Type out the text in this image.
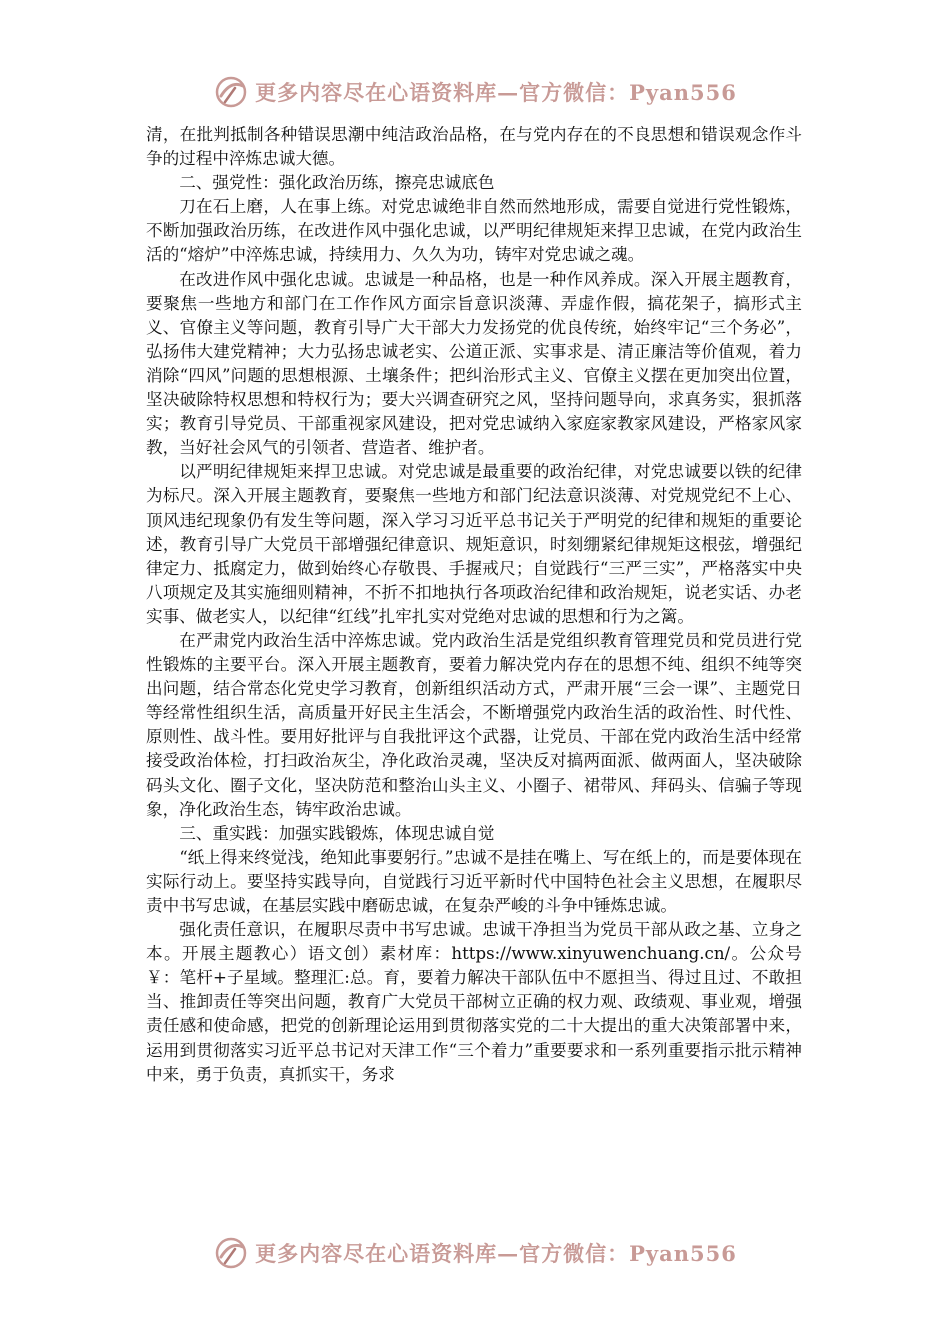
更多内容尽在心语资料库—官方微信：Pyan556

清，在批判抵制各种错误思潮中纯洁政治品格，在与党内存在的不良思想和错误观念作斗争的过程中淬炼忠诚大德。

二、强党性：强化政治历练，擦亮忠诚底色

刀在石上磨，人在事上练。对党忠诚绝非自然而然地形成，需要自觉进行党性锻炼，不断加强政治历练，在改进作风中强化忠诚，以严明纪律规矩来捍卫忠诚，在党内政治生活的“熔炉”中淬炼忠诚，持续用力、久久为功，铸牢对党忠诚之魂。

在改进作风中强化忠诚。忠诚是一种品格，也是一种作风养成。深入开展主题教育，要聚焦一些地方和部门在工作作风方面宗旨意识淡薄、弄虚作假，搞花架子，搞形式主义、官僚主义等问题，教育引导广大干部大力发扬党的优良传统，始终牢记“三个务必”，弘扬伟大建党精神；大力弘扬忠诚老实、公道正派、实事求是、清正廉洁等价值观，着力消除“四风”问题的思想根源、土壤条件；把纠治形式主义、官僚主义摆在更加突出位置，坚决破除特权思想和特权行为；要大兴调查研究之风，坚持问题导向，求真务实，狠抓落实；教育引导党员、干部重视家风建设，把对党忠诚纳入家庭家教家风建设，严格家风家教，当好社会风气的引领者、营造者、维护者。

以严明纪律规矩来捍卫忠诚。对党忠诚是最重要的政治纪律，对党忠诚要以铁的纪律为标尺。深入开展主题教育，要聚焦一些地方和部门纪法意识淡薄、对党规党纪不上心、顶风违纪现象仍有发生等问题，深入学习习近平总书记关于严明党的纪律和规矩的重要论述，教育引导广大党员干部增强纪律意识、规矩意识，时刻绷紧纪律规矩这根弦，增强纪律定力、抵腐定力，做到始终心存敬畏、手握戒尺；自觉践行“三严三实”，严格落实中央八项规定及其实施细则精神，不折不扣地执行各项政治纪律和政治规矩，说老实话、办老实事、做老实人，以纪律“红线”扎牢扎实对党绝对忠诚的思想和行为之篱。

在严肃党内政治生活中淬炼忠诚。党内政治生活是党组织教育管理党员和党员进行党性锻炼的主要平台。深入开展主题教育，要着力解决党内存在的思想不纯、组织不纯等突出问题，结合常态化党史学习教育，创新组织活动方式，严肃开展“三会一课”、主题党日等经常性组织生活，高质量开好民主生活会，不断增强党内政治生活的政治性、时代性、原则性、战斗性。要用好批评与自我批评这个武器，让党员、干部在党内政治生活中经常接受政治体检，打扫政治灰尘，净化政治灵魂，坚决反对搞两面派、做两面人，坚决破除码头文化、圈子文化，坚决防范和整治山头主义、小圈子、裙带风、拜码头、信骗子等现象，净化政治生态，铸牢政治忠诚。

三、重实践：加强实践锻炼，体现忠诚自觉

“纸上得来终觉浅，绝知此事要躬行。”忠诚不是挂在嘴上、写在纸上的，而是要体现在实际行动上。要坚持实践导向，自觉践行习近平新时代中国特色社会主义思想，在履职尽责中书写忠诚，在基层实践中磨砺忠诚，在复杂严峻的斗争中锤炼忠诚。

强化责任意识，在履职尽责中书写忠诚。忠诚干净担当为党员干部从政之基、立身之本。开展主题教心）语文创）素材库：https://www.xinyuwenchuang.cn/。公众号￥：笔杆+子星域。整理汇:总。育，要着力解决干部队伍中不愿担当、得过且过、不敢担当、推卸责任等突出问题，教育广大党员干部树立正确的权力观、政绩观、事业观，增强责任感和使命感，把党的创新理论运用到贯彻落实党的二十大提出的重大决策部署中来，运用到贯彻落实习近平总书记对天津工作“三个着力”重要要求和一系列重要指示批示精神中来，勇于负责，真抓实干，务求

更多内容尽在心语资料库—官方微信：Pyan556
